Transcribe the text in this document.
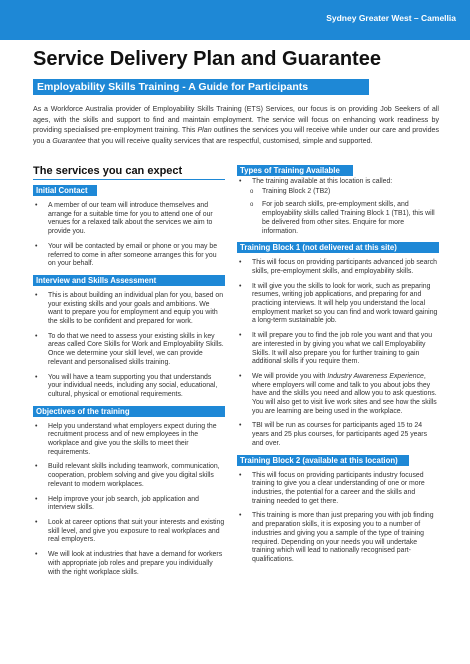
Sydney Greater West – Camellia
Service Delivery Plan and Guarantee
Employability Skills Training - A Guide for Participants

As a Workforce Australia provider of Employability Skills Training (ETS) Services, our focus is on providing Job Seekers of all ages, with the skills and support to find and maintain employment. The service will focus on enhancing work readiness by providing specialised pre-employment training. This Plan outlines the services you will receive while under our care and provides you a Guarantee that you will receive quality services that are respectful, customised, simple and supported.

The services you can expect
Initial Contact
• A member of our team will introduce themselves and arrange for a suitable time for you to attend one of our venues for a relaxed talk about the services we aim to provide you.
• Your will be contacted by email or phone or you may be referred to come in after someone arranges this for you on your behalf.
Interview and Skills Assessment
• This is about building an individual plan for you, based on your existing skills and your goals and ambitions. We want to prepare you for employment and equip you with the skills to be confident and prepared for work.
• To do that we need to assess your existing skills in key areas called Core Skills for Work and Employability Skills. Once we determine your skill level, we can provide relevant and personalised skills training.
• You will have a team supporting you that understands your individual needs, including any social, educational, cultural, physical or emotional requirements.
Objectives of the training
• Help you understand what employers expect during the recruitment process and of new employees in the workplace and give you the skills to meet their requirements.
• Build relevant skills including teamwork, communication, cooperation, problem solving and give you digital skills relevant to modern workplaces.
• Help improve your job search, job application and interview skills.
• Look at career options that suit your interests and existing skill level, and give you exposure to real workplaces and real employers.
• We will look at industries that have a demand for workers with appropriate job roles and prepare you individually with the right workplace skills.
Types of Training Available
• The training available at this location is called:
o Training Block 2 (TB2)
o For job search skills, pre-employment skills, and employability skills called Training Block 1 (TB1), this will be delivered from other sites. Enquire for more information.
Training Block 1 (not delivered at this site)
• This will focus on providing participants advanced job search skills, pre-employment skills, and employability skills.
• It will give you the skills to look for work, such as preparing resumes, writing job applications, and preparing for and practicing interviews. It will help you understand the local employment market so you can find and work toward gaining a long-term sustainable job.
• It will prepare you to find the job role you want and that you are interested in by giving you what we call Employability Skills. It will also prepare you for further training to gain additional skills if you require them.
• We will provide you with Industry Awareness Experience, where employers will come and talk to you about jobs they have and the skills you need and allow you to ask questions. You will also get to visit live work sites and see how the skills you are learning are being used in the workplace.
• TBI will be run as courses for participants aged 15 to 24 years and 25 plus courses, for participants aged 25 years and over.
Training Block 2 (available at this location)
• This will focus on providing participants industry focused training to give you a clear understanding of one or more industries, the potential for a career and the skills and training needed to get there.
• This training is more than just preparing you with job finding and preparation skills, it is exposing you to a number of industries and giving you a sample of the type of training required. Depending on your needs you will undertake training which will lead to nationally recognised part-qualifications.
